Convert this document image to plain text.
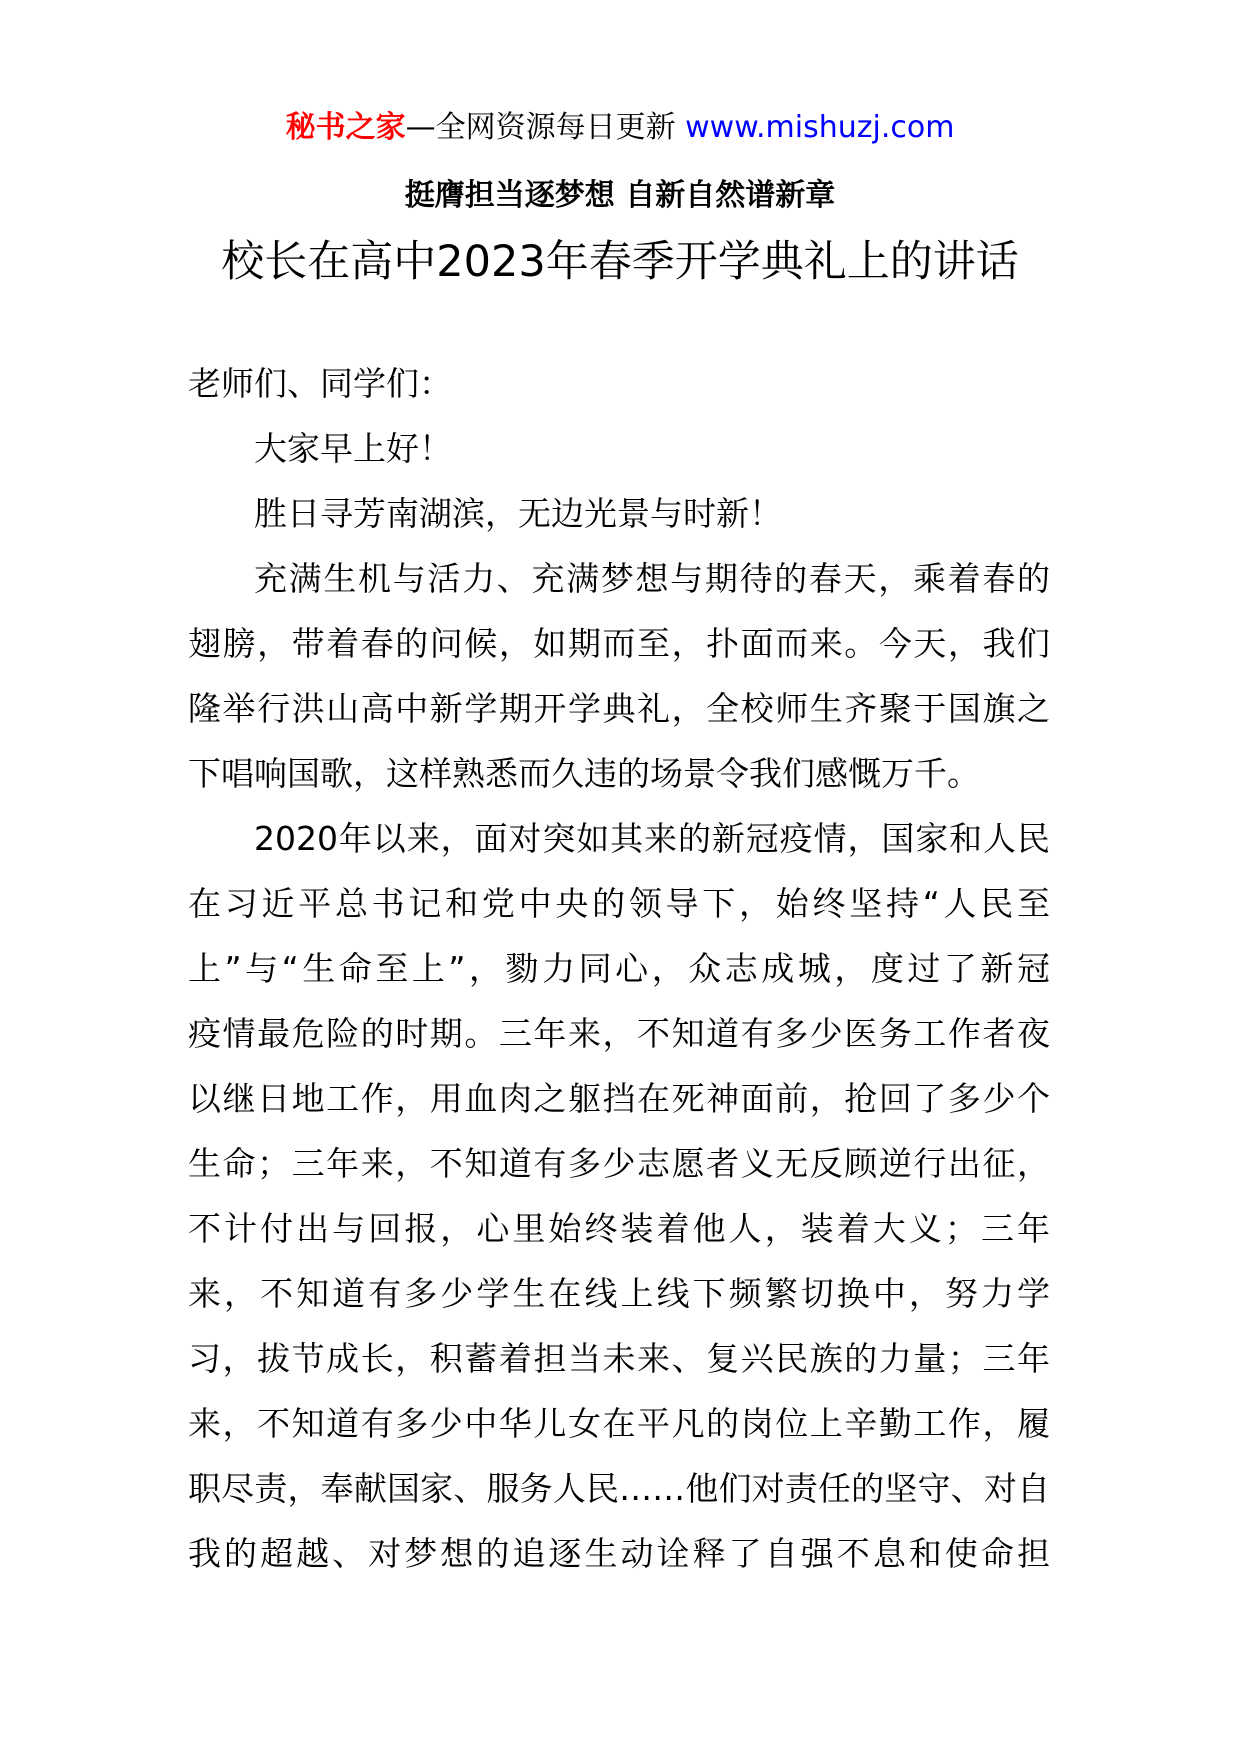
秘书之家—全网资源每日更新 www.mishuzj.com
挺膺担当逐梦想 自新自然谱新章
校长在高中2023年春季开学典礼上的讲话
老师们、同学们：
大家早上好！
胜日寻芳南湖滨，无边光景与时新！
充满生机与活力、充满梦想与期待的春天，乘着春的
翅膀，带着春的问候，如期而至，扑面而来。今天，我们
隆举行洪山高中新学期开学典礼，全校师生齐聚于国旗之
下唱响国歌，这样熟悉而久违的场景令我们感慨万千。
2020年以来，面对突如其来的新冠疫情，国家和人民
在习近平总书记和党中央的领导下，始终坚持“人民至
上”与“生命至上”，勠力同心，众志成城，度过了新冠
疫情最危险的时期。三年来，不知道有多少医务工作者夜
以继日地工作，用血肉之躯挡在死神面前，抢回了多少个
生命；三年来，不知道有多少志愿者义无反顾逆行出征，
不计付出与回报，心里始终装着他人，装着大义；三年
来，不知道有多少学生在线上线下频繁切换中，努力学
习，拔节成长，积蓄着担当未来、复兴民族的力量；三年
来，不知道有多少中华儿女在平凡的岗位上辛勤工作，履
职尽责，奉献国家、服务人民……他们对责任的坚守、对自
我的超越、对梦想的追逐生动诠释了自强不息和使命担
